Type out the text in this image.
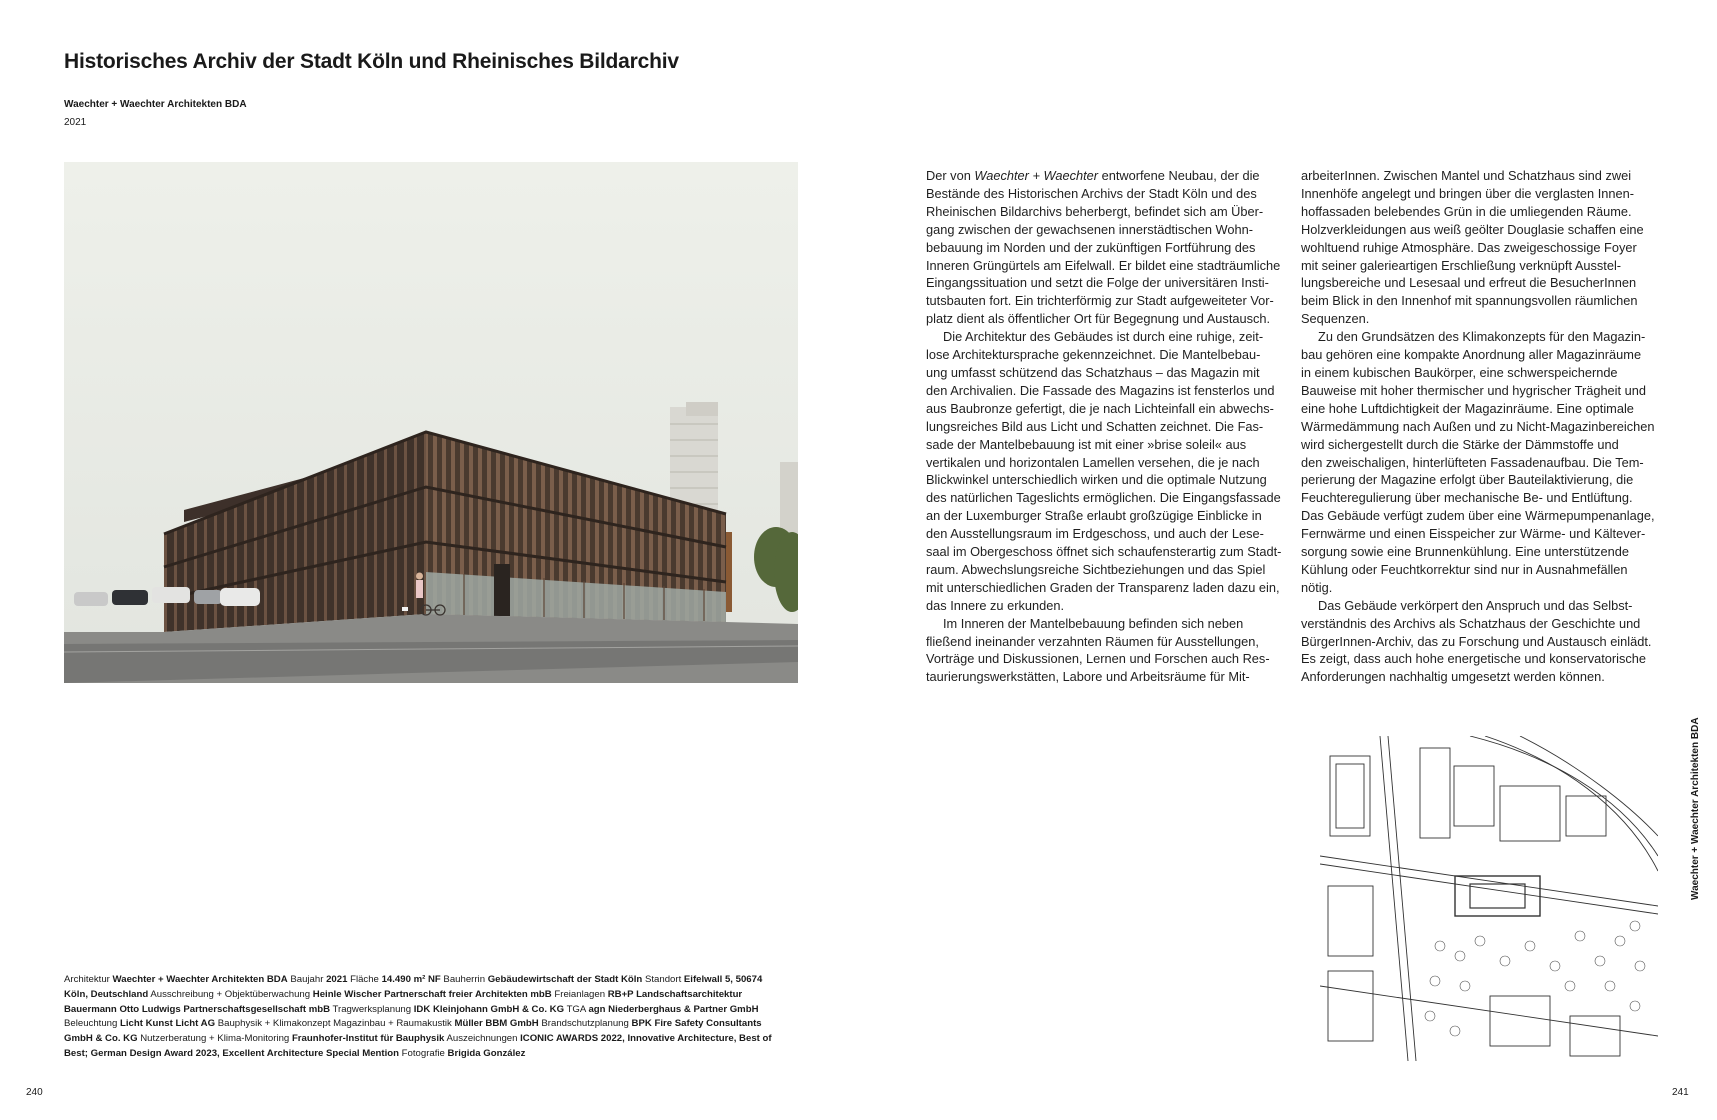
Historisches Archiv der Stadt Köln und Rheinisches Bildarchiv
Waechter + Waechter Architekten BDA
2021

Der von Waechter + Waechter entworfene Neubau, der die

Bestände des Historischen Archivs der Stadt Köln und des

Rheinischen Bildarchivs beherbergt, befindet sich am Über-

gang zwischen der gewachsenen innerstädtischen Wohn-

bebauung im Norden und der zukünftigen Fortführung des

Inneren Grüngürtels am Eifelwall. Er bildet eine stadträumliche

Eingangssituation und setzt die Folge der universitären Insti-

tutsbauten fort. Ein trichterförmig zur Stadt aufgeweiteter Vor-

platz dient als öffentlicher Ort für Begegnung und Austausch.

Die Architektur des Gebäudes ist durch eine ruhige, zeit-

lose Architektursprache gekennzeichnet. Die Mantelbebau-

ung umfasst schützend das Schatzhaus – das Magazin mit

den Archivalien. Die Fassade des Magazins ist fensterlos und

aus Baubronze gefertigt, die je nach Lichteinfall ein abwechs-

lungsreiches Bild aus Licht und Schatten zeichnet. Die Fas-

sade der Mantelbebauung ist mit einer »brise soleil« aus

vertikalen und horizontalen Lamellen versehen, die je nach

Blickwinkel unterschiedlich wirken und die optimale Nutzung

des natürlichen Tageslichts ermöglichen. Die Eingangsfassade

an der Luxemburger Straße erlaubt großzügige Einblicke in

den Ausstellungsraum im Erdgeschoss, und auch der Lese-

saal im Obergeschoss öffnet sich schaufensterartig zum Stadt-

raum. Abwechslungsreiche Sichtbeziehungen und das Spiel

mit unterschiedlichen Graden der Transparenz laden dazu ein,

das Innere zu erkunden.

Im Inneren der Mantelbebauung befinden sich neben

fließend ineinander verzahnten Räumen für Ausstellungen,

Vorträge und Diskussionen, Lernen und Forschen auch Res-

taurierungswerkstätten, Labore und Arbeitsräume für Mit-

arbeiterInnen. Zwischen Mantel und Schatzhaus sind zwei

Innenhöfe angelegt und bringen über die verglasten Innen-

hoffassaden belebendes Grün in die umliegenden Räume.

Holzverkleidungen aus weiß geölter Douglasie schaffen eine

wohltuend ruhige Atmosphäre. Das zweigeschossige Foyer

mit seiner galerieartigen Erschließung verknüpft Ausstel-

lungsbereiche und Lesesaal und erfreut die BesucherInnen

beim Blick in den Innenhof mit spannungsvollen räumlichen

Sequenzen.

Zu den Grundsätzen des Klimakonzepts für den Magazin-

bau gehören eine kompakte Anordnung aller Magazinräume

in einem kubischen Baukörper, eine schwerspeichernde

Bauweise mit hoher thermischer und hygrischer Trägheit und

eine hohe Luftdichtigkeit der Magazinräume. Eine optimale

Wärmedämmung nach Außen und zu Nicht-Magazinbereichen

wird sichergestellt durch die Stärke der Dämmstoffe und

den zweischaligen, hinterlüfteten Fassadenaufbau. Die Tem-

perierung der Magazine erfolgt über Bauteilaktivierung, die

Feuchteregulierung über mechanische Be- und Entlüftung.

Das Gebäude verfügt zudem über eine Wärmepumpenanlage,

Fernwärme und einen Eisspeicher zur Wärme- und Kältever-

sorgung sowie eine Brunnenkühlung. Eine unterstützende

Kühlung oder Feuchtkorrektur sind nur in Ausnahmefällen

nötig.

Das Gebäude verkörpert den Anspruch und das Selbst-

verständnis des Archivs als Schatzhaus der Geschichte und

BürgerInnen-Archiv, das zu Forschung und Austausch einlädt.

Es zeigt, dass auch hohe energetische und konservatorische

Anforderungen nachhaltig umgesetzt werden können.

Architektur Waechter + Waechter Architekten BDA Baujahr 2021 Fläche 14.490 m² NF Bauherrin Gebäudewirtschaft der Stadt Köln Standort Eifelwall 5, 50674
Köln, Deutschland Ausschreibung + Objektüberwachung Heinle Wischer Partnerschaft freier Architekten mbB Freianlagen RB+P Landschaftsarchitektur
Bauermann Otto Ludwigs Partnerschaftsgesellschaft mbB Tragwerksplanung IDK Kleinjohann GmbH & Co. KG TGA agn Niederberghaus & Partner GmbH
Beleuchtung Licht Kunst Licht AG Bauphysik + Klimakonzept Magazinbau + Raumakustik Müller BBM GmbH Brandschutzplanung BPK Fire Safety Consultants
GmbH & Co. KG Nutzerberatung + Klima-Monitoring Fraunhofer-Institut für Bauphysik Auszeichnungen ICONIC AWARDS 2022, Innovative Architecture, Best of
Best; German Design Award 2023, Excellent Architecture Special Mention Fotografie Brigida González
Waechter + Waechter Architekten BDA
240	241
